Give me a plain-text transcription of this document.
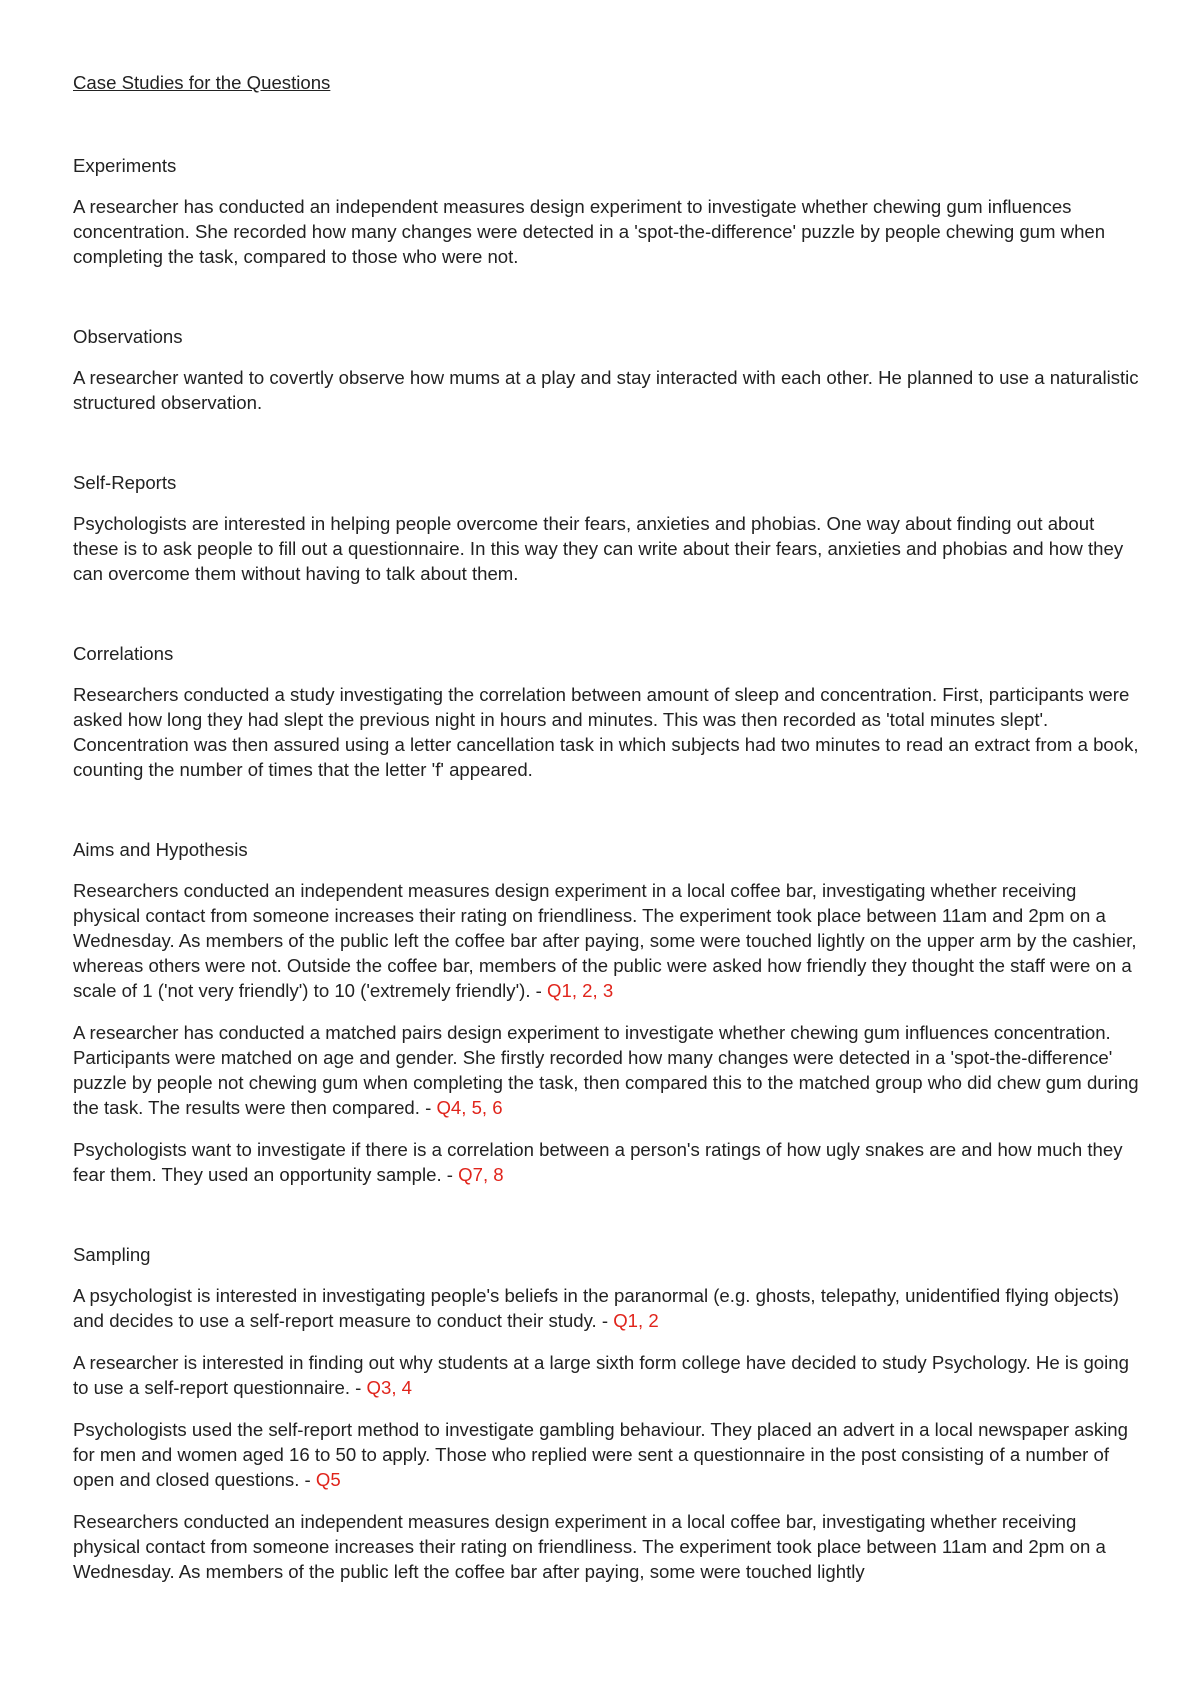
Case Studies for the Questions

Experiments

A researcher has conducted an independent measures design experiment to investigate whether chewing gum influences concentration. She recorded how many changes were detected in a 'spot-the-difference' puzzle by people chewing gum when completing the task, compared to those who were not.

Observations

A researcher wanted to covertly observe how mums at a play and stay interacted with each other. He planned to use a naturalistic structured observation.

Self-Reports

Psychologists are interested in helping people overcome their fears, anxieties and phobias. One way about finding out about these is to ask people to fill out a questionnaire. In this way they can write about their fears, anxieties and phobias and how they can overcome them without having to talk about them.

Correlations

Researchers conducted a study investigating the correlation between amount of sleep and concentration. First, participants were asked how long they had slept the previous night in hours and minutes. This was then recorded as 'total minutes slept'. Concentration was then assured using a letter cancellation task in which subjects had two minutes to read an extract from a book, counting the number of times that the letter 'f' appeared.

Aims and Hypothesis

Researchers conducted an independent measures design experiment in a local coffee bar, investigating whether receiving physical contact from someone increases their rating on friendliness. The experiment took place between 11am and 2pm on a Wednesday. As members of the public left the coffee bar after paying, some were touched lightly on the upper arm by the cashier, whereas others were not. Outside the coffee bar, members of the public were asked how friendly they thought the staff were on a scale of 1 ('not very friendly') to 10 ('extremely friendly'). - Q1, 2, 3

A researcher has conducted a matched pairs design experiment to investigate whether chewing gum influences concentration. Participants were matched on age and gender. She firstly recorded how many changes were detected in a 'spot-the-difference' puzzle by people not chewing gum when completing the task, then compared this to the matched group who did chew gum during the task. The results were then compared. - Q4, 5, 6

Psychologists want to investigate if there is a correlation between a person's ratings of how ugly snakes are and how much they fear them. They used an opportunity sample. - Q7, 8

Sampling

A psychologist is interested in investigating people's beliefs in the paranormal (e.g. ghosts, telepathy, unidentified flying objects) and decides to use a self-report measure to conduct their study. - Q1, 2

A researcher is interested in finding out why students at a large sixth form college have decided to study Psychology. He is going to use a self-report questionnaire. - Q3, 4

Psychologists used the self-report method to investigate gambling behaviour. They placed an advert in a local newspaper asking for men and women aged 16 to 50 to apply. Those who replied were sent a questionnaire in the post consisting of a number of open and closed questions. - Q5

Researchers conducted an independent measures design experiment in a local coffee bar, investigating whether receiving physical contact from someone increases their rating on friendliness. The experiment took place between 11am and 2pm on a Wednesday. As members of the public left the coffee bar after paying, some were touched lightly
